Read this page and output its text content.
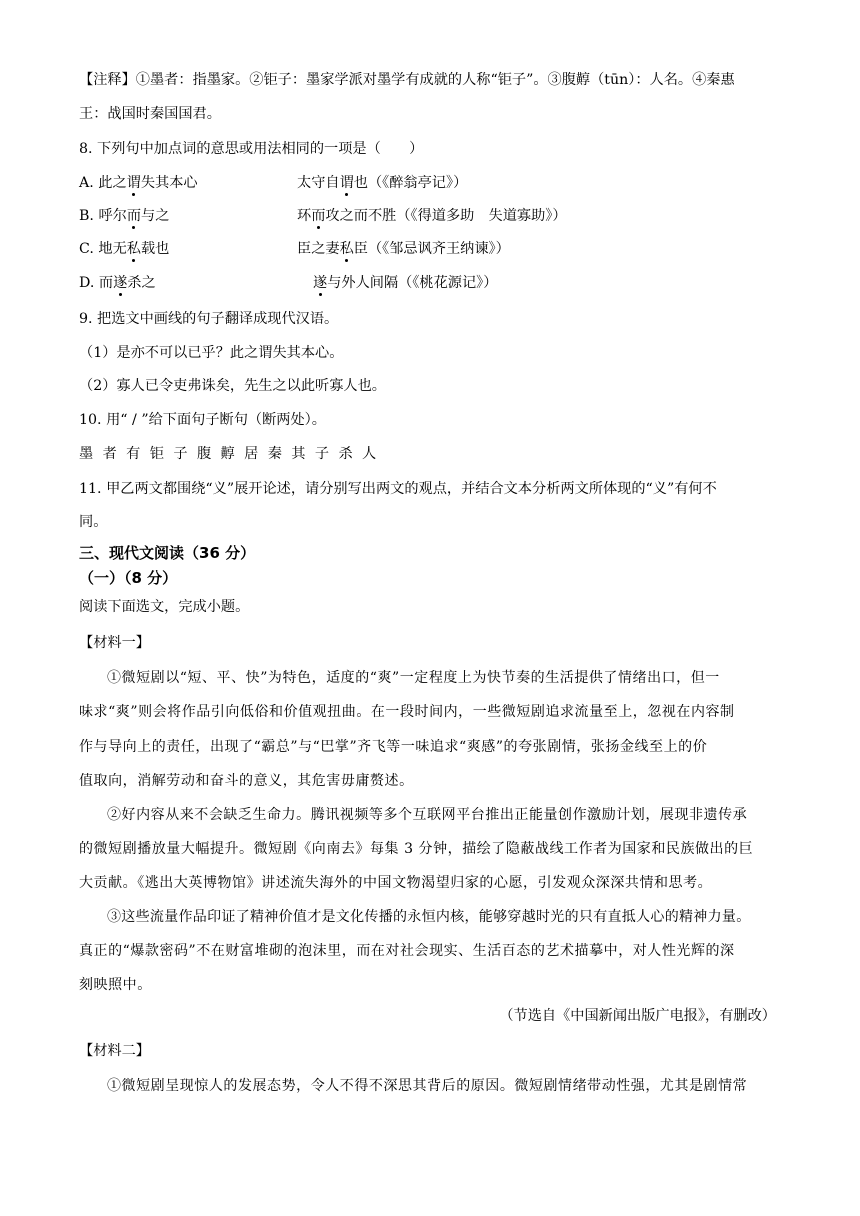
【注释】①墨者：指墨家。②钜子：墨家学派对墨学有成就的人称“钜子”。③腹䵍（tūn）：人名。④秦惠
王：战国时秦国国君。
8. 下列句中加点词的意思或用法相同的一项是（　　）
A. 此之谓失其本心	太守自谓也（《醉翁亭记》）
B. 呼尔而与之	环而攻之而不胜（《得道多助　失道寡助》）
C. 地无私载也	臣之妻私臣（《邹忌讽齐王纳谏》）
D. 而遂杀之	遂与外人间隔（《桃花源记》）
9. 把选文中画线的句子翻译成现代汉语。
（1）是亦不可以已乎？此之谓失其本心。
（2）寡人已令吏弗诛矣，先生之以此听寡人也。
10. 用“ / ”给下面句子断句（断两处）。
墨者有钜子腹䵍居秦其子杀人
11. 甲乙两文都围绕“义”展开论述，请分别写出两文的观点，并结合文本分析两文所体现的“义”有何不
同。
三、现代文阅读（36 分）
（一）（8 分）
阅读下面选文，完成小题。
【材料一】
①微短剧以“短、平、快”为特色，适度的“爽”一定程度上为快节奏的生活提供了情绪出口，但一
味求“爽”则会将作品引向低俗和价值观扭曲。在一段时间内，一些微短剧追求流量至上，忽视在内容制
作与导向上的责任，出现了“霸总”与“巴掌”齐飞等一味追求“爽感”的夸张剧情，张扬金线至上的价
值取向，消解劳动和奋斗的意义，其危害毋庸赘述。
②好内容从来不会缺乏生命力。腾讯视频等多个互联网平台推出正能量创作激励计划，展现非遗传承
的微短剧播放量大幅提升。微短剧《向南去》每集 3 分钟，描绘了隐蔽战线工作者为国家和民族做出的巨
大贡献。《逃出大英博物馆》讲述流失海外的中国文物渴望归家的心愿，引发观众深深共情和思考。
③这些流量作品印证了精神价值才是文化传播的永恒内核，能够穿越时光的只有直抵人心的精神力量。
真正的“爆款密码”不在财富堆砌的泡沫里，而在对社会现实、生活百态的艺术描摹中，对人性光辉的深
刻映照中。
（节选自《中国新闻出版广电报》，有删改）
【材料二】
①微短剧呈现惊人的发展态势，令人不得不深思其背后的原因。微短剧情绪带动性强，尤其是剧情常
